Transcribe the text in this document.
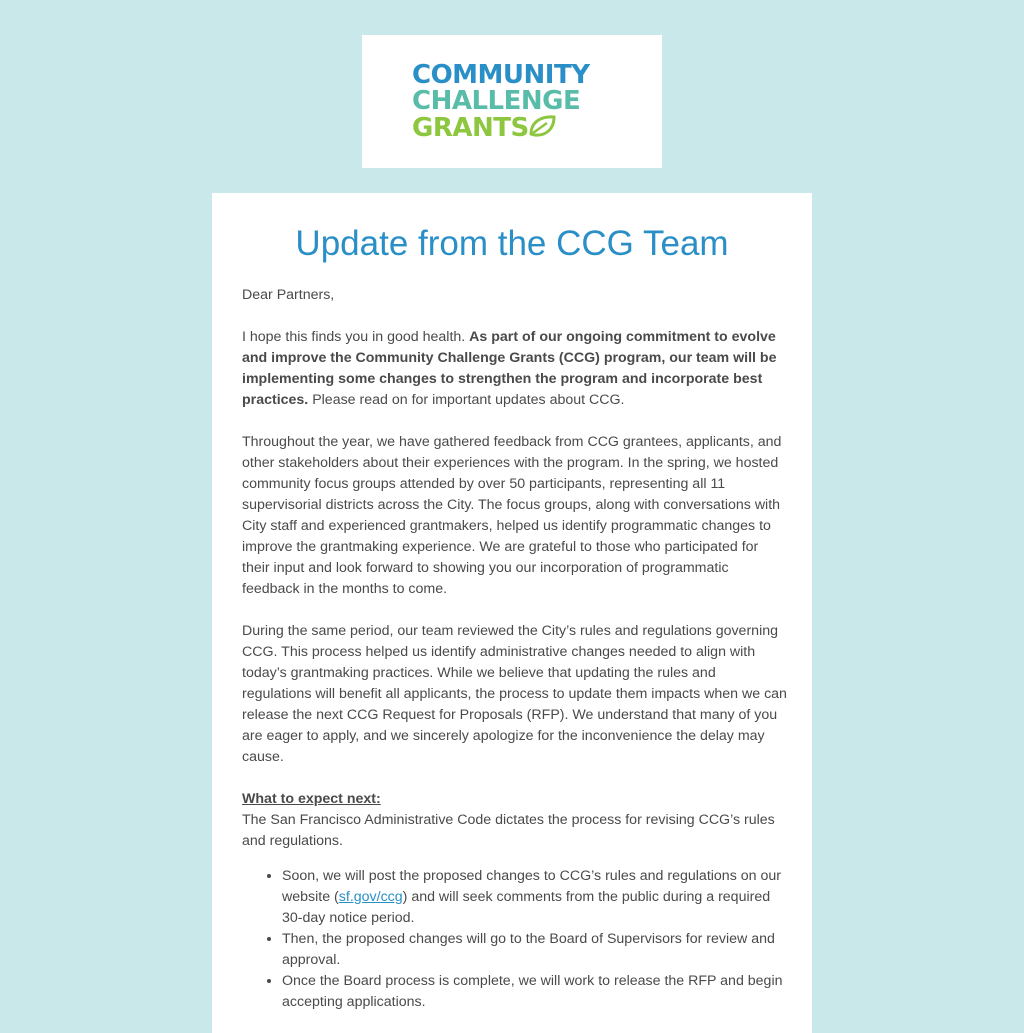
COMMUNITY
CHALLENGE
GRANTS
Update from the CCG Team

Dear Partners,

I hope this finds you in good health. As part of our ongoing commitment to evolve and improve the Community Challenge Grants (CCG) program, our team will be implementing some changes to strengthen the program and incorporate best practices. Please read on for important updates about CCG.

Throughout the year, we have gathered feedback from CCG grantees, applicants, and other stakeholders about their experiences with the program. In the spring, we hosted community focus groups attended by over 50 participants, representing all 11 supervisorial districts across the City. The focus groups, along with conversations with City staff and experienced grantmakers, helped us identify programmatic changes to improve the grantmaking experience. We are grateful to those who participated for their input and look forward to showing you our incorporation of programmatic feedback in the months to come.

During the same period, our team reviewed the City’s rules and regulations governing CCG. This process helped us identify administrative changes needed to align with today’s grantmaking practices. While we believe that updating the rules and regulations will benefit all applicants, the process to update them impacts when we can release the next CCG Request for Proposals (RFP). We understand that many of you are eager to apply, and we sincerely apologize for the inconvenience the delay may cause.

What to expect next:
The San Francisco Administrative Code dictates the process for revising CCG’s rules and regulations.

• Soon, we will post the proposed changes to CCG’s rules and regulations on our website (sf.gov/ccg) and will seek comments from the public during a required 30-day notice period.
• Then, the proposed changes will go to the Board of Supervisors for review and approval.
• Once the Board process is complete, we will work to release the RFP and begin accepting applications.
